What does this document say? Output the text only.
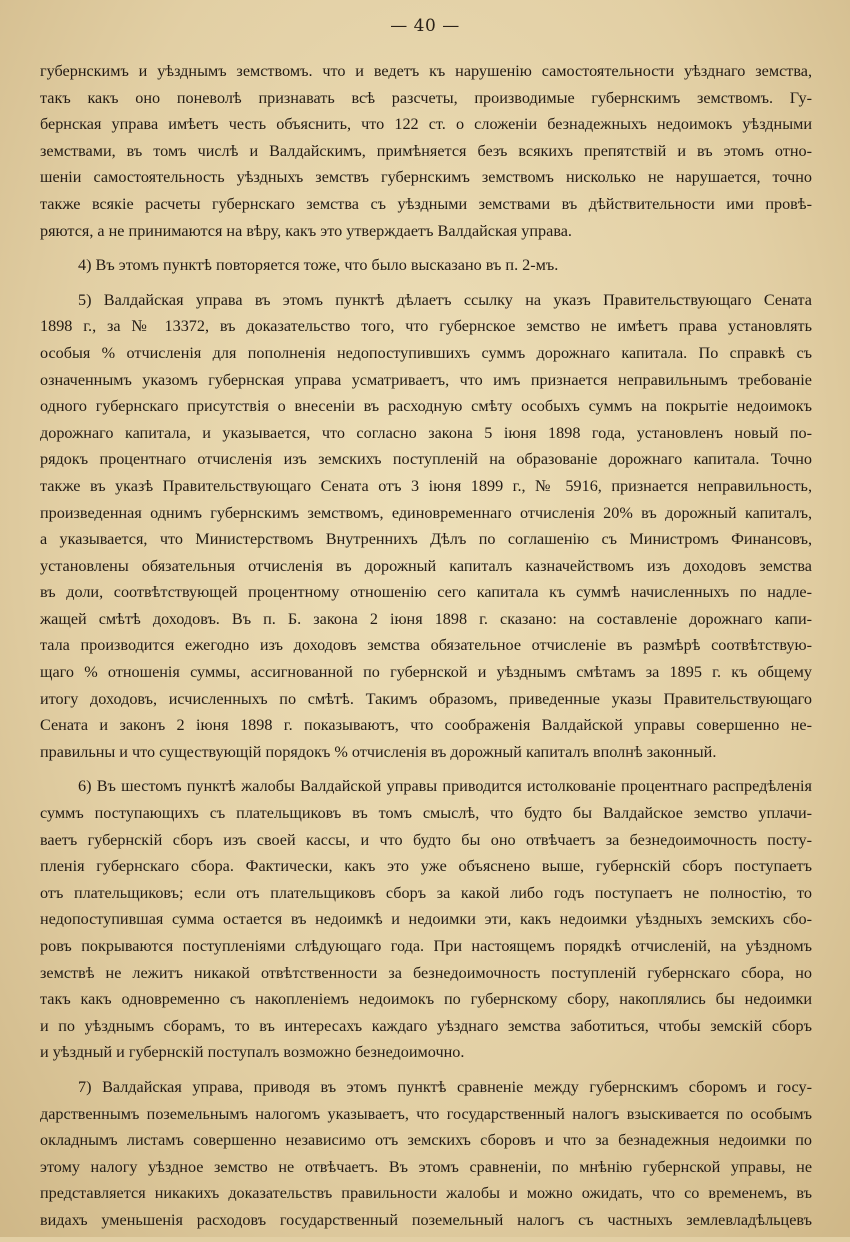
— 40 —

губернскимъ и уѣзднымъ земствомъ. что и ведетъ къ нарушенію самостоятельности уѣзднаго земства,
такъ какъ оно поневолѣ признавать всѣ разсчеты, производимые губернскимъ земствомъ. Гу-
бернская управа имѣетъ честь объяснить, что 122 ст. о сложеніи безнадежныхъ недоимокъ уѣздными
земствами, въ томъ числѣ и Валдайскимъ, примѣняется безъ всякихъ препятствій и въ этомъ отно-
шеніи самостоятельность уѣздныхъ земствъ губернскимъ земствомъ нисколько не нарушается, точно
также всякіе расчеты губернскаго земства съ уѣздными земствами въ дѣйствительности ими провѣ-
ряются, а не принимаются на вѣру, какъ это утверждаетъ Валдайская управа.

4) Въ этомъ пунктѣ повторяется тоже, что было высказано въ п. 2-мъ.

5) Валдайская управа въ этомъ пунктѣ дѣлаетъ ссылку на указъ Правительствующаго Сената
1898 г., за № 13372, въ доказательство того, что губернское земство не имѣетъ права установлять
особыя % отчисленія для пополненія недопоступившихъ суммъ дорожнаго капитала. По справкѣ съ
означеннымъ указомъ губернская управа усматриваетъ, что имъ признается неправильнымъ требованіе
одного губернскаго присутствія о внесеніи въ расходную смѣту особыхъ суммъ на покрытіе недоимокъ
дорожнаго капитала, и указывается, что согласно закона 5 іюня 1898 года, установленъ новый по-
рядокъ процентнаго отчисленія изъ земскихъ поступленій на образованіе дорожнаго капитала. Точно
также въ указѣ Правительствующаго Сената отъ 3 іюня 1899 г., № 5916, признается неправильность,
произведенная однимъ губернскимъ земствомъ, единовременнаго отчисленія 20% въ дорожный капиталъ,
а указывается, что Министерствомъ Внутреннихъ Дѣлъ по соглашенію съ Министромъ Финансовъ,
установлены обязательныя отчисленія въ дорожный капиталъ казначействомъ изъ доходовъ земства
въ доли, соотвѣтствующей процентному отношенію сего капитала къ суммѣ начисленныхъ по надле-
жащей смѣтѣ доходовъ. Въ п. Б. закона 2 іюня 1898 г. сказано: на составленіе дорожнаго капи-
тала производится ежегодно изъ доходовъ земства обязательное отчисленіе въ размѣрѣ соотвѣтствую-
щаго % отношенія суммы, ассигнованной по губернской и уѣзднымъ смѣтамъ за 1895 г. къ общему
итогу доходовъ, исчисленныхъ по смѣтѣ. Такимъ образомъ, приведенные указы Правительствующаго
Сената и законъ 2 іюня 1898 г. показываютъ, что соображенія Валдайской управы совершенно не-
правильны и что существующій порядокъ % отчисленія въ дорожный капиталъ вполнѣ законный.

6) Въ шестомъ пунктѣ жалобы Валдайской управы приводится истолкованіе процентнаго распредѣленія
суммъ поступающихъ съ плательщиковъ въ томъ смыслѣ, что будто бы Валдайское земство уплачи-
ваетъ губернскій сборъ изъ своей кассы, и что будто бы оно отвѣчаетъ за безнедоимочность посту-
пленія губернскаго сбора. Фактически, какъ это уже объяснено выше, губернскій сборъ поступаетъ
отъ плательщиковъ; если отъ плательщиковъ сборъ за какой либо годъ поступаетъ не полностію, то
недопоступившая сумма остается въ недоимкѣ и недоимки эти, какъ недоимки уѣздныхъ земскихъ сбо-
ровъ покрываются поступленіями слѣдующаго года. При настоящемъ порядкѣ отчисленій, на уѣздномъ
земствѣ не лежитъ никакой отвѣтственности за безнедоимочность поступленій губернскаго сбора, но
такъ какъ одновременно съ накопленіемъ недоимокъ по губернскому сбору, накоплялись бы недоимки
и по уѣзднымъ сборамъ, то въ интересахъ каждаго уѣзднаго земства заботиться, чтобы земскій сборъ
и уѣздный и губернскій поступалъ возможно безнедоимочно.

7) Валдайская управа, приводя въ этомъ пунктѣ сравненіе между губернскимъ сборомъ и госу-
дарственнымъ поземельнымъ налогомъ указываетъ, что государственный налогъ взыскивается по особымъ
окладнымъ листамъ совершенно независимо отъ земскихъ сборовъ и что за безнадежныя недоимки по
этому налогу уѣздное земство не отвѣчаетъ. Въ этомъ сравненіи, по мнѣнію губернской управы, не
представляется никакихъ доказательствъ правильности жалобы и можно ожидать, что со временемъ, въ
видахъ уменьшенія расходовъ государственный поземельный налогъ съ частныхъ землевладѣльцевъ
